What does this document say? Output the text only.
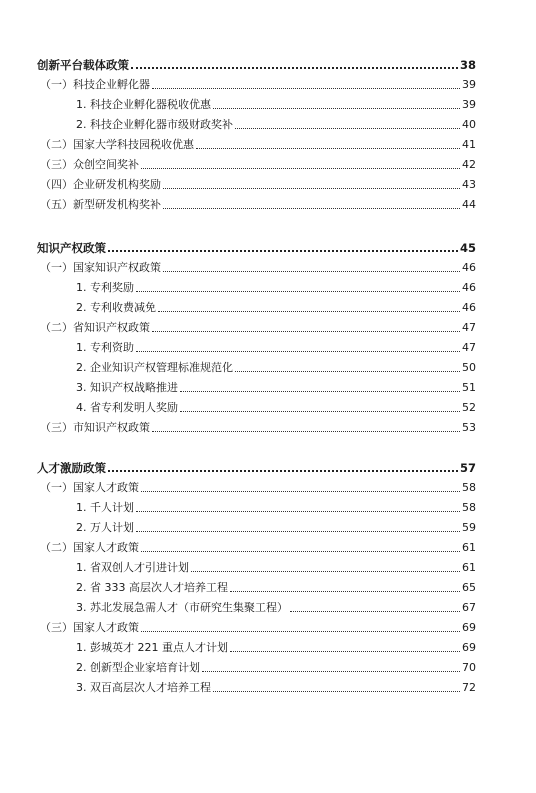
创新平台载体政策	38
（一） 科技企业孵化器	39
1. 科技企业孵化器税收优惠	39
2. 科技企业孵化器市级财政奖补	40
（二） 国家大学科技园税收优惠	41
（三） 众创空间奖补	42
（四） 企业研发机构奖励	43
（五） 新型研发机构奖补	44
知识产权政策	45
（一） 国家知识产权政策	46
1. 专利奖励	46
2. 专利收费减免	46
（二） 省知识产权政策	47
1. 专利资助	47
2. 企业知识产权管理标准规范化	50
3. 知识产权战略推进	51
4. 省专利发明人奖励	52
（三） 市知识产权政策	53
人才激励政策	57
（一） 国家人才政策	58
1. 千人计划	58
2. 万人计划	59
（二） 国家人才政策	61
1. 省双创人才引进计划	61
2. 省 333 高层次人才培养工程	65
3. 苏北发展急需人才（市研究生集聚工程）	67
（三） 国家人才政策	69
1. 彭城英才 221 重点人才计划	69
2. 创新型企业家培育计划	70
3. 双百高层次人才培养工程	72
